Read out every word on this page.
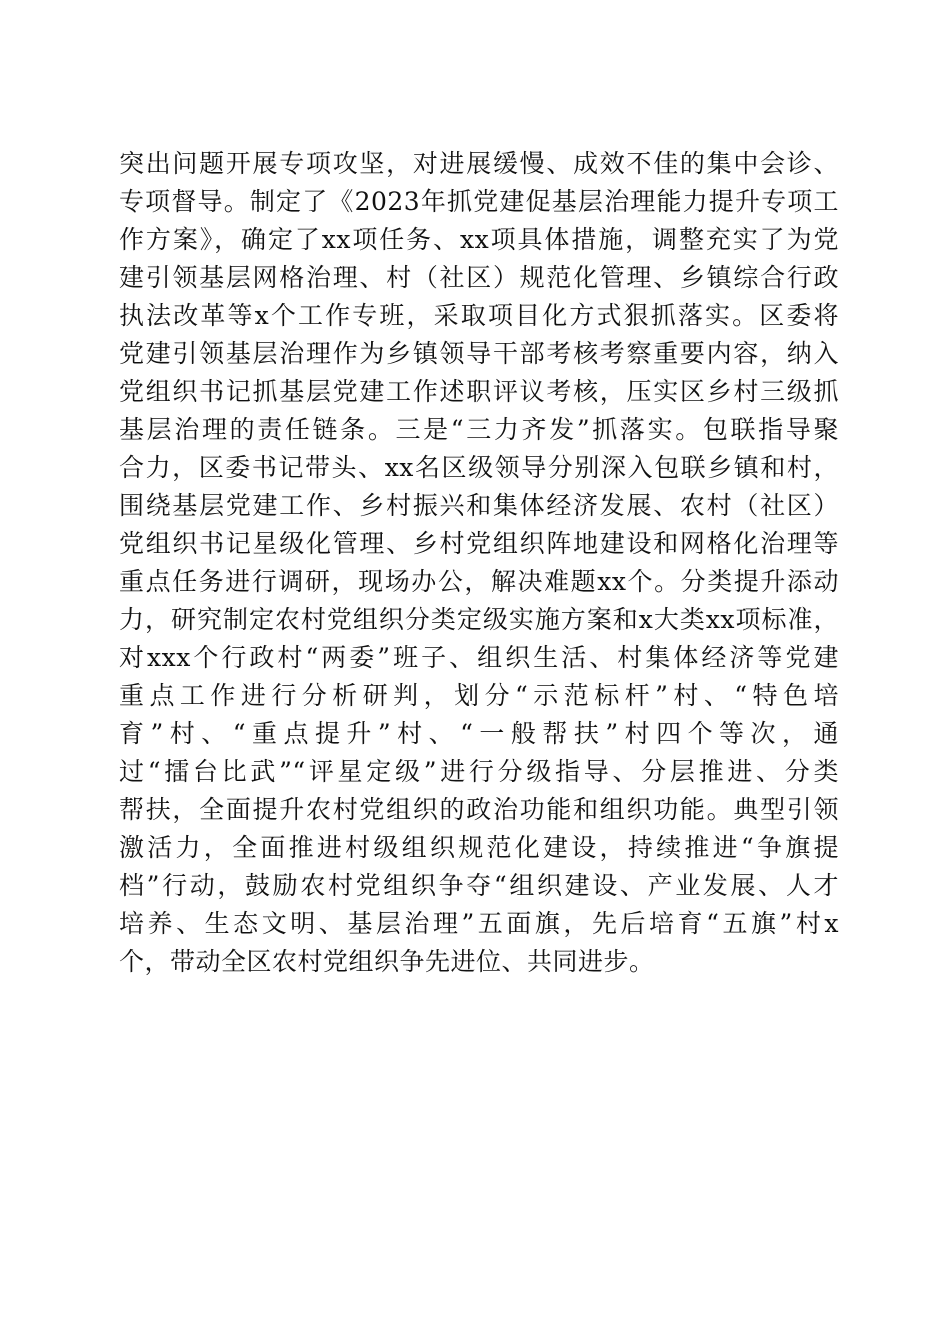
突出问题开展专项攻坚，对进展缓慢、成效不佳的集中会诊、
专项督导。制定了《2023年抓党建促基层治理能力提升专项工
作方案》，确定了xx项任务、xx项具体措施，调整充实了为党
建引领基层网格治理、村（社区）规范化管理、乡镇综合行政
执法改革等x个工作专班，采取项目化方式狠抓落实。区委将
党建引领基层治理作为乡镇领导干部考核考察重要内容，纳入
党组织书记抓基层党建工作述职评议考核，压实区乡村三级抓
基层治理的责任链条。三是“三力齐发”抓落实。包联指导聚
合力，区委书记带头、xx名区级领导分别深入包联乡镇和村，
围绕基层党建工作、乡村振兴和集体经济发展、农村（社区）
党组织书记星级化管理、乡村党组织阵地建设和网格化治理等
重点任务进行调研，现场办公，解决难题xx个。分类提升添动
力，研究制定农村党组织分类定级实施方案和x大类xx项标准，
对xxx个行政村“两委”班子、组织生活、村集体经济等党建
重点工作进行分析研判，划分“示范标杆”村、“特色培
育”村、“重点提升”村、“一般帮扶”村四个等次，通
过“擂台比武”“评星定级”进行分级指导、分层推进、分类
帮扶，全面提升农村党组织的政治功能和组织功能。典型引领
激活力，全面推进村级组织规范化建设，持续推进“争旗提
档”行动，鼓励农村党组织争夺“组织建设、产业发展、人才
培养、生态文明、基层治理”五面旗，先后培育“五旗”村x
个，带动全区农村党组织争先进位、共同进步。
